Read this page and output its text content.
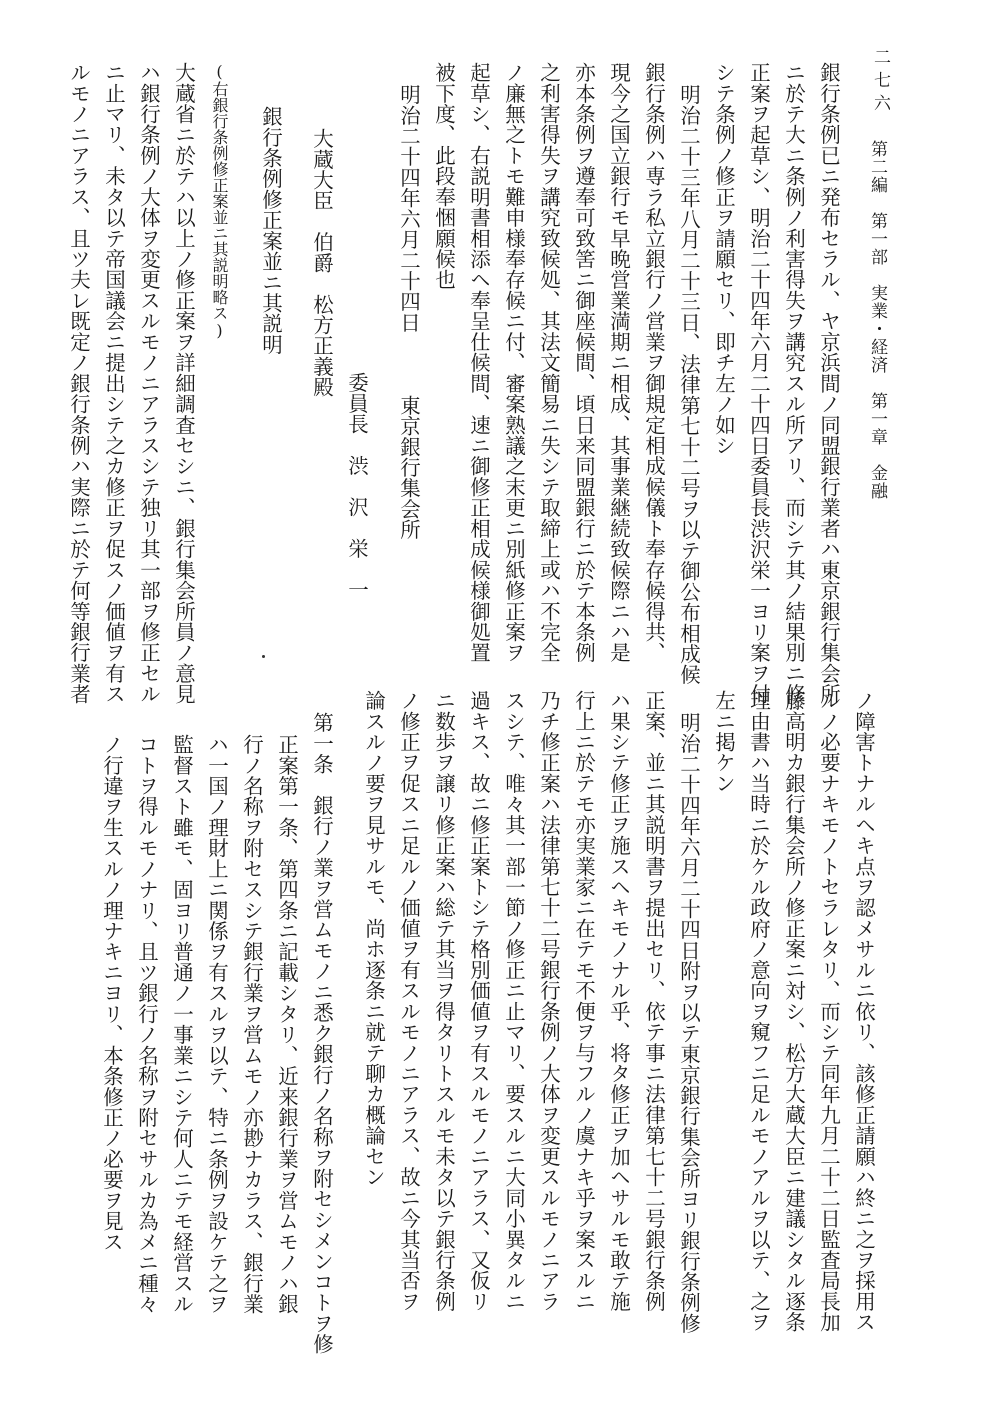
二七六
第二編　第一部　実業・経済　第一章　金融
銀行条例已ニ発布セラル、ヤ京浜間ノ同盟銀行業者ハ東京銀行集会所
ニ於テ大ニ条例ノ利害得失ヲ講究スル所アリ、而シテ其ノ結果別ニ修
正案ヲ起草シ、明治二十四年六月二十四日委員長渋沢栄一ヨリ案ヲ付
シテ条例ノ修正ヲ請願セリ、即チ左ノ如シ
明治二十三年八月二十三日、法律第七十二号ヲ以テ御公布相成候
銀行条例ハ専ラ私立銀行ノ営業ヲ御規定相成候儀ト奉存候得共、
現今之国立銀行モ早晩営業満期ニ相成、其事業継続致候際ニハ是
亦本条例ヲ遵奉可致筈ニ御座候間、頃日来同盟銀行ニ於テ本条例
之利害得失ヲ講究致候処、其法文簡易ニ失シテ取締上或ハ不完全
ノ廉無之トモ難申様奉存候ニ付、審案熟議之末更ニ別紙修正案ヲ
起草シ、右説明書相添ヘ奉呈仕候間、速ニ御修正相成候様御処置
被下度、此段奉悃願候也
明治二十四年六月二十四日　　　東京銀行集会所
委員長　渋　沢　栄　一
大蔵大臣　伯爵　松方正義殿
銀行条例修正案並ニ其説明
(右銀行条例修正案並ニ其説明略ス)
大蔵省ニ於テハ以上ノ修正案ヲ詳細調査セシニ、銀行集会所員ノ意見
ハ銀行条例ノ大体ヲ変更スルモノニアラスシテ独リ其一部ヲ修正セル
ニ止マリ、未タ以テ帝国議会ニ提出シテ之カ修正ヲ促スノ価値ヲ有ス
ルモノニアラス、且ツ夫レ既定ノ銀行条例ハ実際ニ於テ何等銀行業者
ノ障害トナルヘキ点ヲ認メサルニ依リ、該修正請願ハ終ニ之ヲ採用ス
ルノ必要ナキモノトセラレタリ、而シテ同年九月二十二日監査局長加
藤高明カ銀行集会所ノ修正案ニ対シ、松方大蔵大臣ニ建議シタル逐条
理由書ハ当時ニ於ケル政府ノ意向ヲ窺フニ足ルモノアルヲ以テ、之ヲ
左ニ掲ケン
明治二十四年六月二十四日附ヲ以テ東京銀行集会所ヨリ銀行条例修
正案、並ニ其説明書ヲ提出セリ、依テ事ニ法律第七十二号銀行条例
ハ果シテ修正ヲ施スヘキモノナル乎、将タ修正ヲ加ヘサルモ敢テ施
行上ニ於テモ亦実業家ニ在テモ不便ヲ与フルノ虞ナキ乎ヲ案スルニ
乃チ修正案ハ法律第七十二号銀行条例ノ大体ヲ変更スルモノニアラ
スシテ、唯々其一部一節ノ修正ニ止マリ、要スルニ大同小異タルニ
過キス、故ニ修正案トシテ格別価値ヲ有スルモノニアラス、又仮リ
ニ数歩ヲ譲リ修正案ハ総テ其当ヲ得タリトスルモ未タ以テ銀行条例
ノ修正ヲ促スニ足ルノ価値ヲ有スルモノニアラス、故ニ今其当否ヲ
論スルノ要ヲ見サルモ、尚ホ逐条ニ就テ聊カ概論セン
第一条　銀行ノ業ヲ営ムモノニ悉ク銀行ノ名称ヲ附セシメンコトヲ修
正案第一条、第四条ニ記載シタリ、近来銀行業ヲ営ムモノハ銀
行ノ名称ヲ附セスシテ銀行業ヲ営ムモノ亦尠ナカラス、銀行業
ハ一国ノ理財上ニ関係ヲ有スルヲ以テ、特ニ条例ヲ設ケテ之ヲ
監督スト雖モ、固ヨリ普通ノ一事業ニシテ何人ニテモ経営スル
コトヲ得ルモノナリ、且ツ銀行ノ名称ヲ附セサルカ為メニ種々
ノ行違ヲ生スルノ理ナキニヨリ、本条修正ノ必要ヲ見ス
